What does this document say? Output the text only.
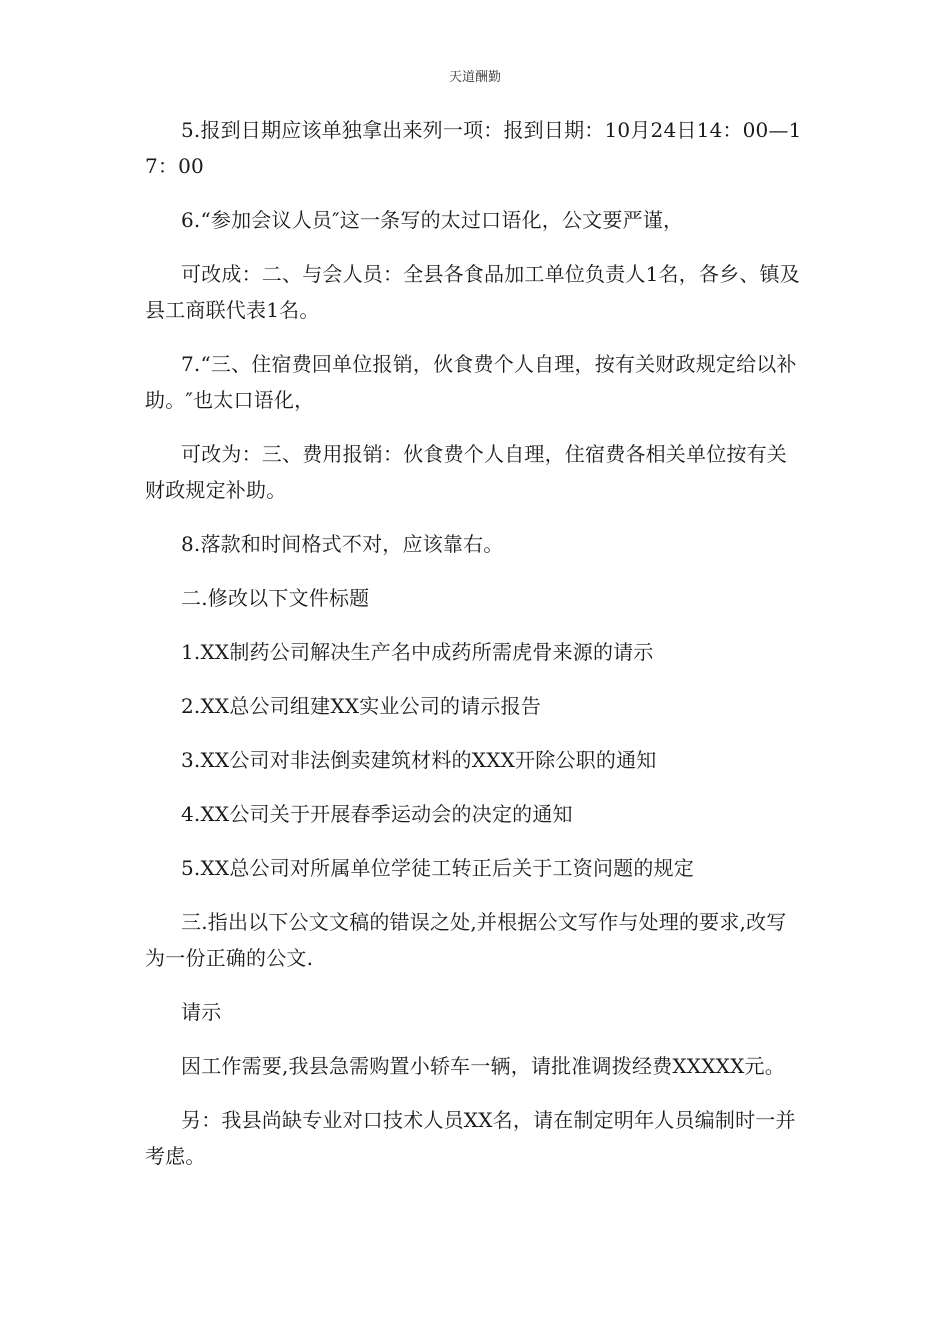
天道酬勤

5.报到日期应该单独拿出来列一项：报到日期：10月24日14：00—17：00

6.“参加会议人员″这一条写的太过口语化，公文要严谨，

可改成：二、与会人员：全县各食品加工单位负责人1名，各乡、镇及县工商联代表1名。

7.“三、住宿费回单位报销，伙食费个人自理，按有关财政规定给以补助。″也太口语化，

可改为：三、费用报销：伙食费个人自理，住宿费各相关单位按有关财政规定补助。

8.落款和时间格式不对，应该靠右。

二.修改以下文件标题

1.XX制药公司解决生产名中成药所需虎骨来源的请示

2.XX总公司组建XX实业公司的请示报告

3.XX公司对非法倒卖建筑材料的XXX开除公职的通知

4.XX公司关于开展春季运动会的决定的通知

5.XX总公司对所属单位学徒工转正后关于工资问题的规定

三.指出以下公文文稿的错误之处,并根据公文写作与处理的要求,改写为一份正确的公文.

请示

因工作需要,我县急需购置小轿车一辆，请批准调拨经费XXXXX元。

另：我县尚缺专业对口技术人员XX名，请在制定明年人员编制时一并考虑。
